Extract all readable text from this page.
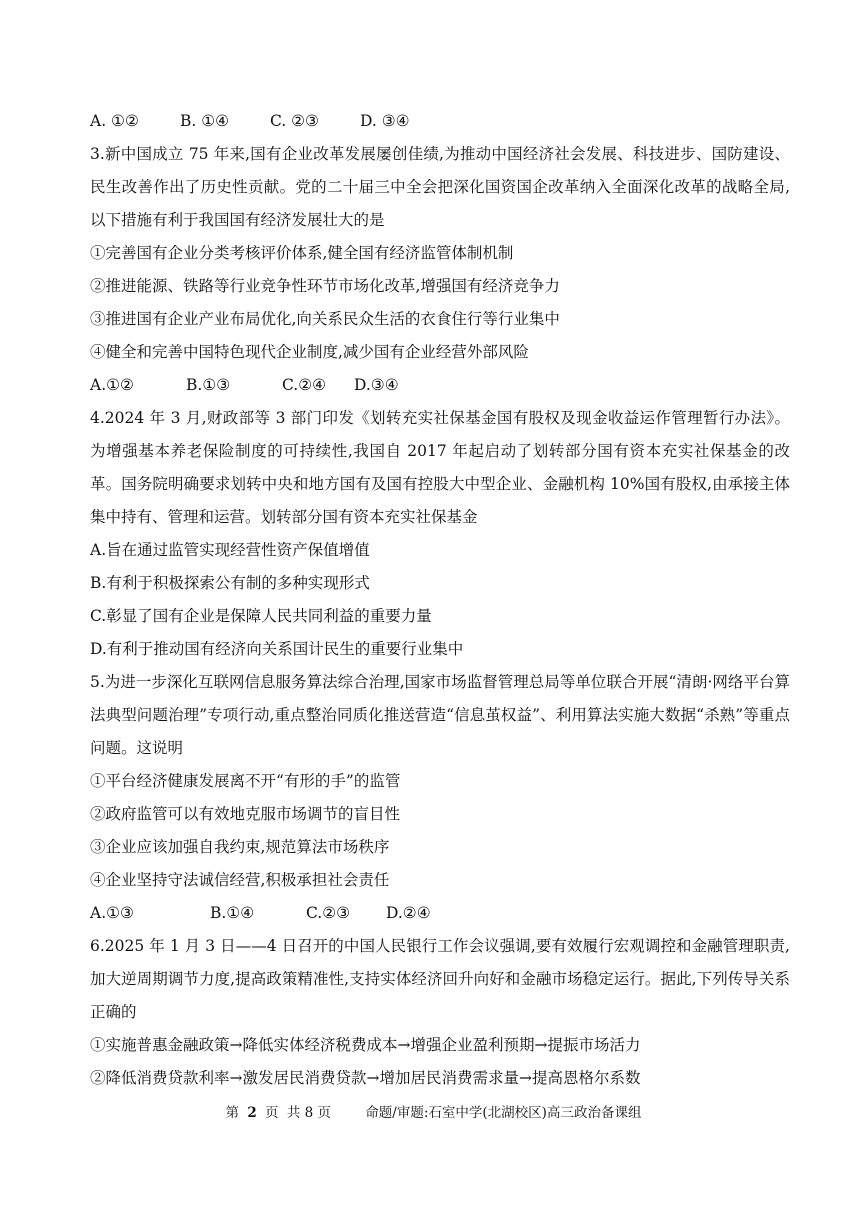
A. ①②	B. ①④	C. ②③	D. ③④

3.新中国成立 75 年来,国有企业改革发展屡创佳绩,为推动中国经济社会发展、科技进步、国防建设、民生改善作出了历史性贡献。党的二十届三中全会把深化国资国企改革纳入全面深化改革的战略全局,以下措施有利于我国国有经济发展壮大的是

①完善国有企业分类考核评价体系,健全国有经济监管体制机制
②推进能源、铁路等行业竞争性环节市场化改革,增强国有经济竞争力
③推进国有企业产业布局优化,向关系民众生活的衣食住行等行业集中
④健全和完善中国特色现代企业制度,减少国有企业经营外部风险
A.①②	B.①③	C.②④	D.③④

4.2024 年 3 月,财政部等 3 部门印发《划转充实社保基金国有股权及现金收益运作管理暂行办法》。为增强基本养老保险制度的可持续性,我国自 2017 年起启动了划转部分国有资本充实社保基金的改革。国务院明确要求划转中央和地方国有及国有控股大中型企业、金融机构 10%国有股权,由承接主体集中持有、管理和运营。划转部分国有资本充实社保基金

A.旨在通过监管实现经营性资产保值增值
B.有利于积极探索公有制的多种实现形式
C.彰显了国有企业是保障人民共同利益的重要力量
D.有利于推动国有经济向关系国计民生的重要行业集中

5.为进一步深化互联网信息服务算法综合治理,国家市场监督管理总局等单位联合开展“清朗·网络平台算法典型问题治理”专项行动,重点整治同质化推送营造“信息茧权益”、利用算法实施大数据“杀熟”等重点问题。这说明

①平台经济健康发展离不开“有形的手”的监管
②政府监管可以有效地克服市场调节的盲目性
③企业应该加强自我约束,规范算法市场秩序
④企业坚持守法诚信经营,积极承担社会责任
A.①③	B.①④	C.②③	D.②④

6.2025 年 1 月 3 日——4 日召开的中国人民银行工作会议强调,要有效履行宏观调控和金融管理职责,加大逆周期调节力度,提高政策精准性,支持实体经济回升向好和金融市场稳定运行。据此,下列传导关系正确的

①实施普惠金融政策→降低实体经济税费成本→增强企业盈利预期→提振市场活力
②降低消费贷款利率→激发居民消费贷款→增加居民消费需求量→提高恩格尔系数
第 2 页 共 8 页	命题/审题:石室中学(北湖校区)高三政治备课组
